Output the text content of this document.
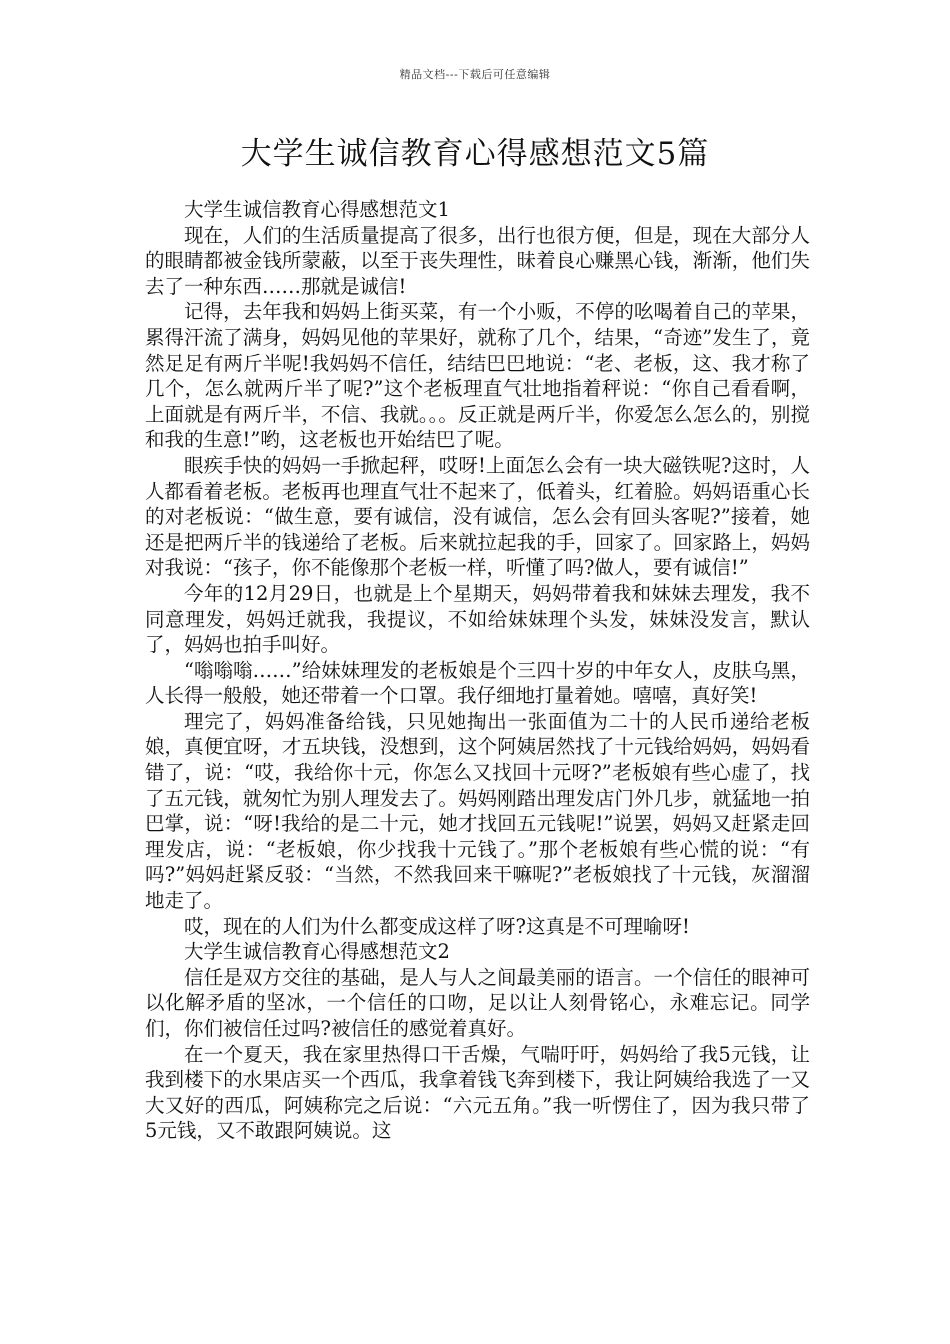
精品文档---下载后可任意编辑
大学生诚信教育心得感想范文5篇

大学生诚信教育心得感想范文1

现在，人们的生活质量提高了很多，出行也很方便，但是，现在大部分人的眼睛都被金钱所蒙蔽，以至于丧失理性，昧着良心赚黑心钱，渐渐，他们失去了一种东西……那就是诚信!

记得，去年我和妈妈上街买菜，有一个小贩，不停的吆喝着自己的苹果，累得汗流了满身，妈妈见他的苹果好，就称了几个，结果，“奇迹”发生了，竟然足足有两斤半呢!我妈妈不信任，结结巴巴地说：“老、老板，这、我才称了几个，怎么就两斤半了呢?”这个老板理直气壮地指着秤说：“你自己看看啊，上面就是有两斤半，不信、我就。。。反正就是两斤半，你爱怎么怎么的，别搅和我的生意!”哟，这老板也开始结巴了呢。

眼疾手快的妈妈一手掀起秤，哎呀!上面怎么会有一块大磁铁呢?这时，人人都看着老板。老板再也理直气壮不起来了，低着头，红着脸。妈妈语重心长的对老板说：“做生意，要有诚信，没有诚信，怎么会有回头客呢?”接着，她还是把两斤半的钱递给了老板。后来就拉起我的手，回家了。回家路上，妈妈对我说：“孩子，你不能像那个老板一样，听懂了吗?做人，要有诚信!”

今年的12月29日，也就是上个星期天，妈妈带着我和妹妹去理发，我不同意理发，妈妈迁就我，我提议，不如给妹妹理个头发，妹妹没发言，默认了，妈妈也拍手叫好。

“嗡嗡嗡……”给妹妹理发的老板娘是个三四十岁的中年女人，皮肤乌黑，人长得一般般，她还带着一个口罩。我仔细地打量着她。嘻嘻，真好笑!

理完了，妈妈准备给钱，只见她掏出一张面值为二十的人民币递给老板娘，真便宜呀，才五块钱，没想到，这个阿姨居然找了十元钱给妈妈，妈妈看错了，说：“哎，我给你十元，你怎么又找回十元呀?”老板娘有些心虚了，找了五元钱，就匆忙为别人理发去了。妈妈刚踏出理发店门外几步，就猛地一拍巴掌，说：“呀!我给的是二十元，她才找回五元钱呢!”说罢，妈妈又赶紧走回理发店，说：“老板娘，你少找我十元钱了。”那个老板娘有些心慌的说：“有吗?”妈妈赶紧反驳：“当然，不然我回来干嘛呢?”老板娘找了十元钱，灰溜溜地走了。

哎，现在的人们为什么都变成这样了呀?这真是不可理喻呀!

大学生诚信教育心得感想范文2

信任是双方交往的基础，是人与人之间最美丽的语言。一个信任的眼神可以化解矛盾的坚冰，一个信任的口吻，足以让人刻骨铭心，永难忘记。同学们，你们被信任过吗?被信任的感觉着真好。

在一个夏天，我在家里热得口干舌燥，气喘吁吁，妈妈给了我5元钱，让我到楼下的水果店买一个西瓜，我拿着钱飞奔到楼下，我让阿姨给我选了一又大又好的西瓜，阿姨称完之后说：“六元五角。”我一听愣住了，因为我只带了5元钱，又不敢跟阿姨说。这
